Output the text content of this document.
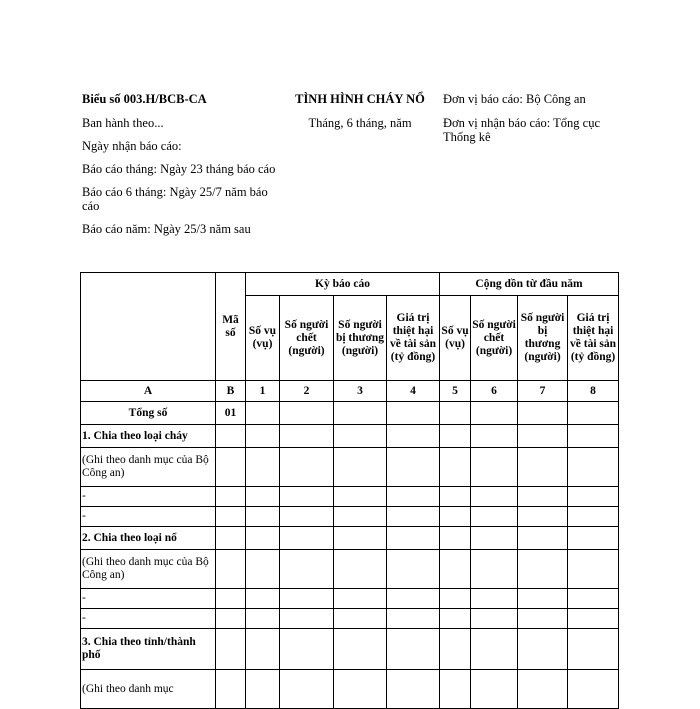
Biểu số 003.H/BCB-CA

Ban hành theo...

Ngày nhận báo cáo:

Báo cáo tháng: Ngày 23 tháng báo cáo

Báo cáo 6 tháng: Ngày 25/7 năm báo cáo

Báo cáo năm: Ngày 25/3 năm sau

TÌNH HÌNH CHÁY NỔ

Tháng, 6 tháng, năm

Đơn vị báo cáo: Bộ Công an

Đơn vị nhận báo cáo: Tổng cục Thống kê

	Mã số	Kỳ báo cáo				Cộng dồn từ đầu năm			
		Số vụ (vụ)	Số người chết (người)	Số người bị thương (người)	Giá trị thiệt hại về tài sản (tỷ đồng)	Số vụ (vụ)	Số người chết (người)	Số người bị thương (người)	Giá trị thiệt hại về tài sản (tỷ đồng)
A	B	1	2	3	4	5	6	7	8
Tổng số	01								
1. Chia theo loại cháy									
(Ghi theo danh mục của Bộ Công an)									
-									
-									
2. Chia theo loại nổ									
(Ghi theo danh mục của Bộ Công an)									
-									
-									
3. Chia theo tỉnh/thành phố									
(Ghi theo danh mục									
